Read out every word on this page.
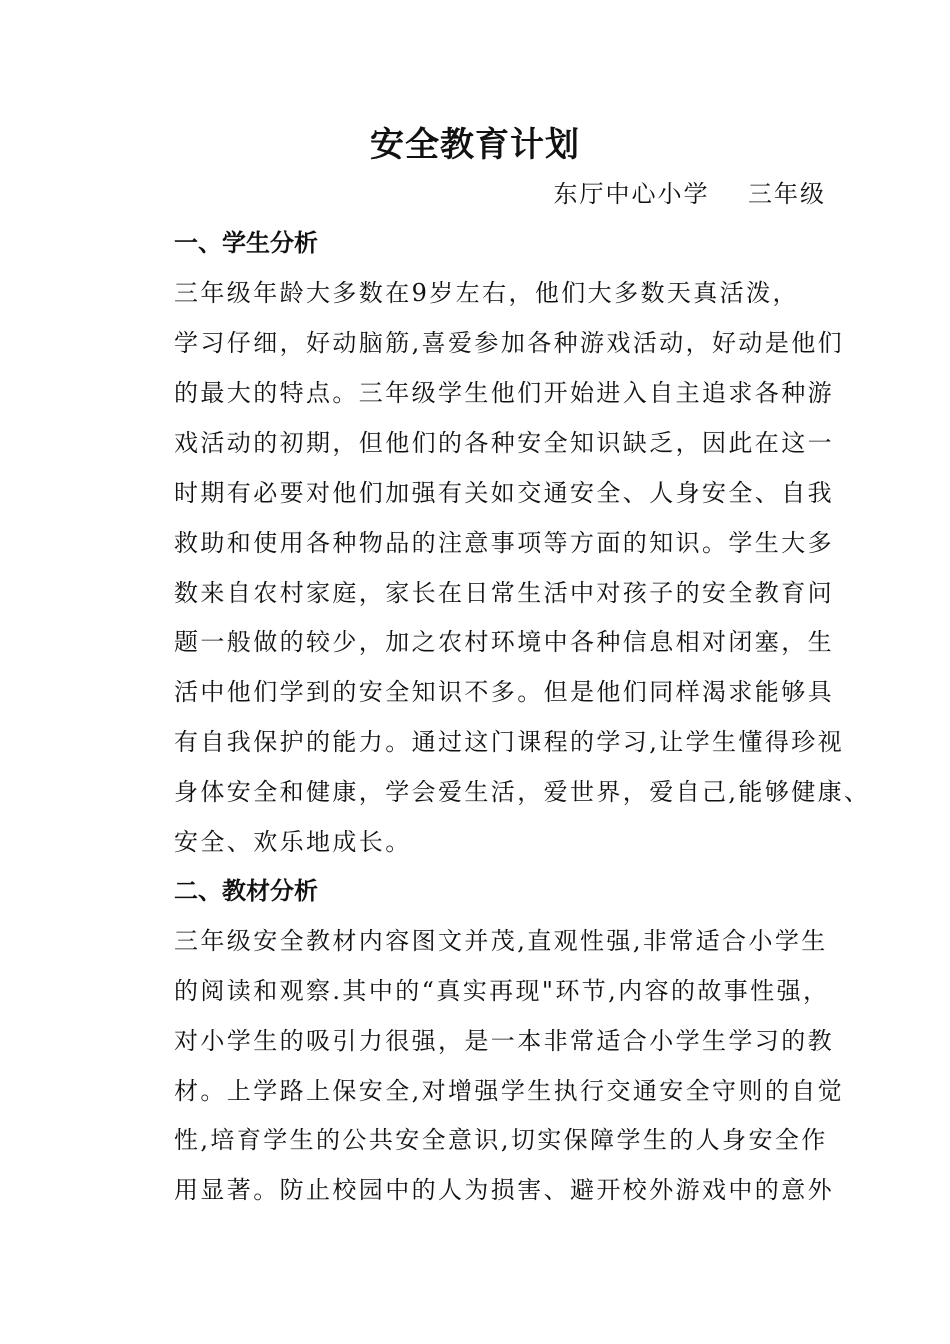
安全教育计划
东厅中心小学    三年级
一、学生分析
三年级年龄大多数在9岁左右，他们大多数天真活泼，
学习仔细，好动脑筋,喜爱参加各种游戏活动，好动是他们
的最大的特点。三年级学生他们开始进入自主追求各种游
戏活动的初期，但他们的各种安全知识缺乏，因此在这一
时期有必要对他们加强有关如交通安全、人身安全、自我
救助和使用各种物品的注意事项等方面的知识。学生大多
数来自农村家庭，家长在日常生活中对孩子的安全教育问
题一般做的较少，加之农村环境中各种信息相对闭塞，生
活中他们学到的安全知识不多。但是他们同样渴求能够具
有自我保护的能力。通过这门课程的学习,让学生懂得珍视
身体安全和健康，学会爱生活，爱世界，爱自己,能够健康、
安全、欢乐地成长。
二、教材分析
三年级安全教材内容图文并茂,直观性强,非常适合小学生
的阅读和观察.其中的“真实再现"环节,内容的故事性强，
对小学生的吸引力很强，是一本非常适合小学生学习的教
材。上学路上保安全,对增强学生执行交通安全守则的自觉
性,培育学生的公共安全意识,切实保障学生的人身安全作
用显著。防止校园中的人为损害、避开校外游戏中的意外
